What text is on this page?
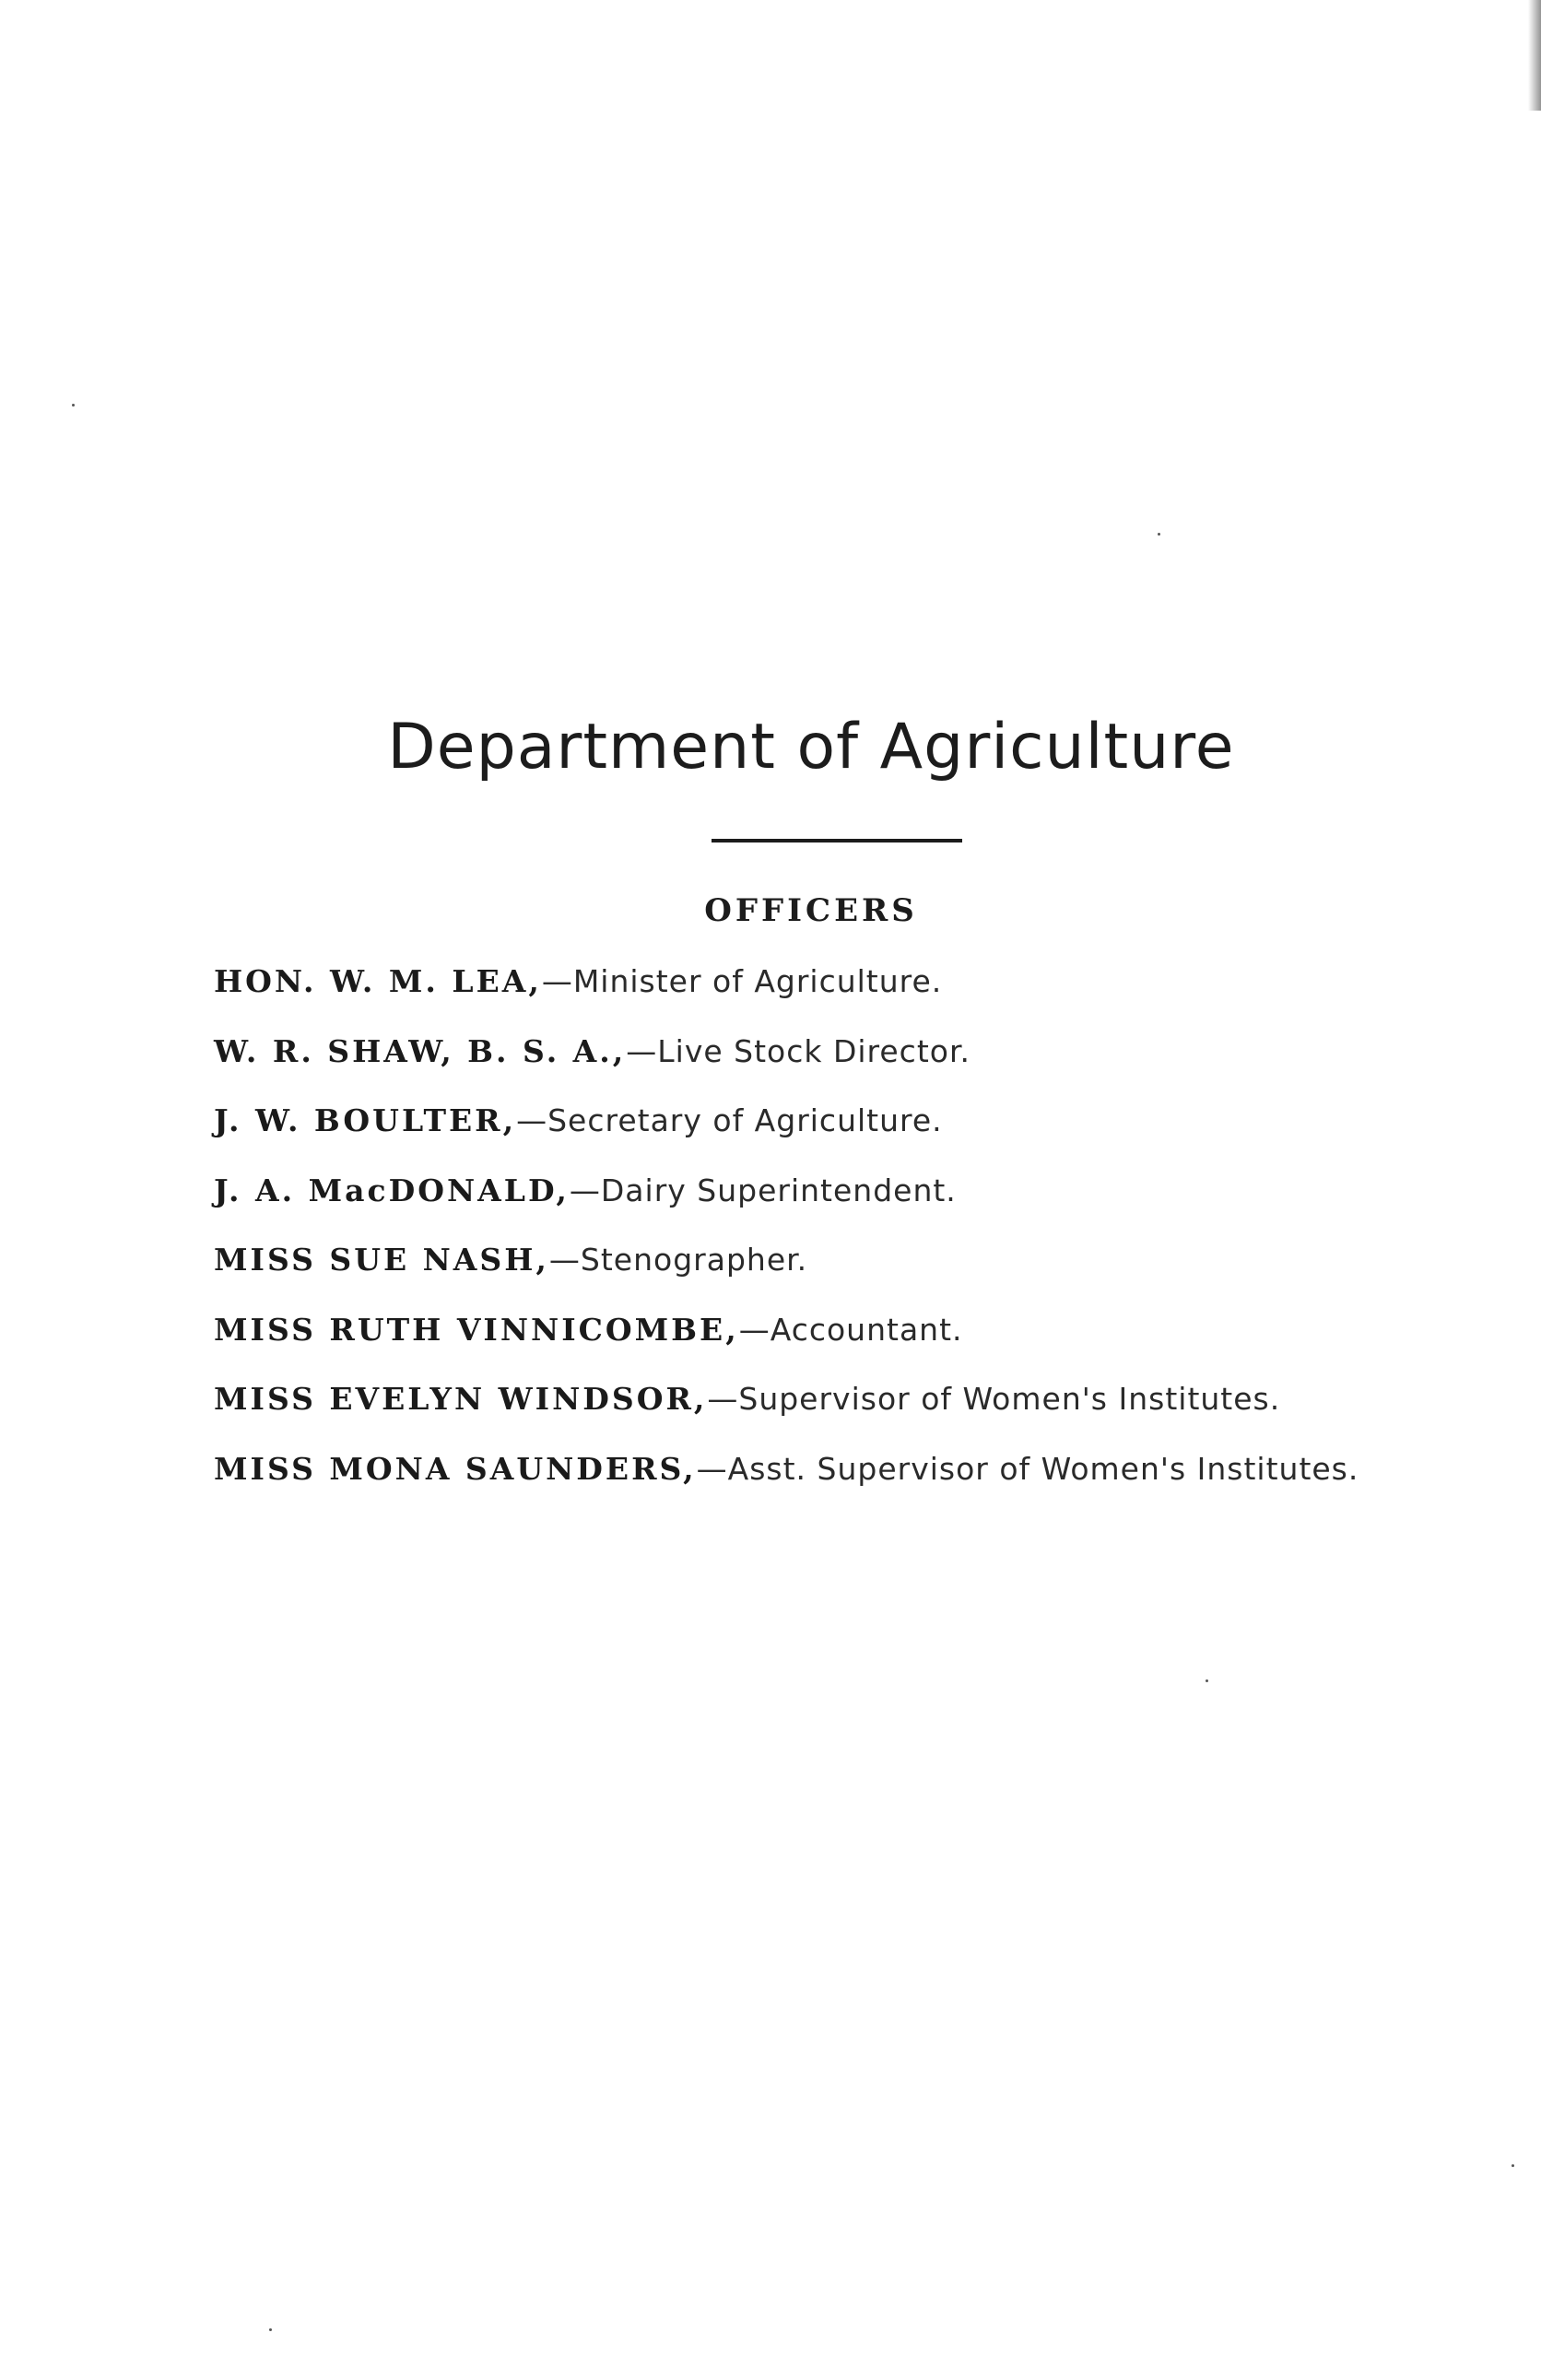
Department of Agriculture
OFFICERS
HON. W. M. LEA,—Minister of Agriculture.
W. R. SHAW, B. S. A.,—Live Stock Director.
J. W. BOULTER,—Secretary of Agriculture.
J. A. MacDONALD,—Dairy Superintendent.
MISS SUE NASH,—Stenographer.
MISS RUTH VINNICOMBE,—Accountant.
MISS EVELYN WINDSOR,—Supervisor of Women's Institutes.
MISS MONA SAUNDERS,—Asst. Supervisor of Women's Institutes.
